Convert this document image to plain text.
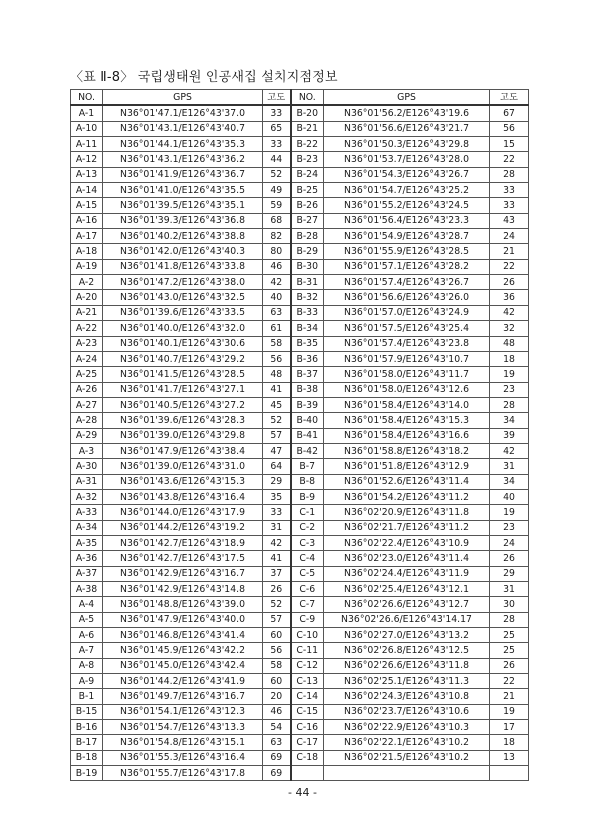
〈표 Ⅱ-8〉 국립생태원 인공새집 설치지점정보
NO.	GPS	고도	NO.	GPS	고도
A-1	N36°01'47.1/E126°43'37.0	33	B-20	N36°01'56.2/E126°43'19.6	67
A-10	N36°01'43.1/E126°43'40.7	65	B-21	N36°01'56.6/E126°43'21.7	56
A-11	N36°01'44.1/E126°43'35.3	33	B-22	N36°01'50.3/E126°43'29.8	15
A-12	N36°01'43.1/E126°43'36.2	44	B-23	N36°01'53.7/E126°43'28.0	22
A-13	N36°01'41.9/E126°43'36.7	52	B-24	N36°01'54.3/E126°43'26.7	28
A-14	N36°01'41.0/E126°43'35.5	49	B-25	N36°01'54.7/E126°43'25.2	33
A-15	N36°01'39.5/E126°43'35.1	59	B-26	N36°01'55.2/E126°43'24.5	33
A-16	N36°01'39.3/E126°43'36.8	68	B-27	N36°01'56.4/E126°43'23.3	43
A-17	N36°01'40.2/E126°43'38.8	82	B-28	N36°01'54.9/E126°43'28.7	24
A-18	N36°01'42.0/E126°43'40.3	80	B-29	N36°01'55.9/E126°43'28.5	21
A-19	N36°01'41.8/E126°43'33.8	46	B-30	N36°01'57.1/E126°43'28.2	22
A-2	N36°01'47.2/E126°43'38.0	42	B-31	N36°01'57.4/E126°43'26.7	26
A-20	N36°01'43.0/E126°43'32.5	40	B-32	N36°01'56.6/E126°43'26.0	36
A-21	N36°01'39.6/E126°43'33.5	63	B-33	N36°01'57.0/E126°43'24.9	42
A-22	N36°01'40.0/E126°43'32.0	61	B-34	N36°01'57.5/E126°43'25.4	32
A-23	N36°01'40.1/E126°43'30.6	58	B-35	N36°01'57.4/E126°43'23.8	48
A-24	N36°01'40.7/E126°43'29.2	56	B-36	N36°01'57.9/E126°43'10.7	18
A-25	N36°01'41.5/E126°43'28.5	48	B-37	N36°01'58.0/E126°43'11.7	19
A-26	N36°01'41.7/E126°43'27.1	41	B-38	N36°01'58.0/E126°43'12.6	23
A-27	N36°01'40.5/E126°43'27.2	45	B-39	N36°01'58.4/E126°43'14.0	28
A-28	N36°01'39.6/E126°43'28.3	52	B-40	N36°01'58.4/E126°43'15.3	34
A-29	N36°01'39.0/E126°43'29.8	57	B-41	N36°01'58.4/E126°43'16.6	39
A-3	N36°01'47.9/E126°43'38.4	47	B-42	N36°01'58.8/E126°43'18.2	42
A-30	N36°01'39.0/E126°43'31.0	64	B-7	N36°01'51.8/E126°43'12.9	31
A-31	N36°01'43.6/E126°43'15.3	29	B-8	N36°01'52.6/E126°43'11.4	34
A-32	N36°01'43.8/E126°43'16.4	35	B-9	N36°01'54.2/E126°43'11.2	40
A-33	N36°01'44.0/E126°43'17.9	33	C-1	N36°02'20.9/E126°43'11.8	19
A-34	N36°01'44.2/E126°43'19.2	31	C-2	N36°02'21.7/E126°43'11.2	23
A-35	N36°01'42.7/E126°43'18.9	42	C-3	N36°02'22.4/E126°43'10.9	24
A-36	N36°01'42.7/E126°43'17.5	41	C-4	N36°02'23.0/E126°43'11.4	26
A-37	N36°01'42.9/E126°43'16.7	37	C-5	N36°02'24.4/E126°43'11.9	29
A-38	N36°01'42.9/E126°43'14.8	26	C-6	N36°02'25.4/E126°43'12.1	31
A-4	N36°01'48.8/E126°43'39.0	52	C-7	N36°02'26.6/E126°43'12.7	30
A-5	N36°01'47.9/E126°43'40.0	57	C-9	N36°02'26.6/E126°43'14.17	28
A-6	N36°01'46.8/E126°43'41.4	60	C-10	N36°02'27.0/E126°43'13.2	25
A-7	N36°01'45.9/E126°43'42.2	56	C-11	N36°02'26.8/E126°43'12.5	25
A-8	N36°01'45.0/E126°43'42.4	58	C-12	N36°02'26.6/E126°43'11.8	26
A-9	N36°01'44.2/E126°43'41.9	60	C-13	N36°02'25.1/E126°43'11.3	22
B-1	N36°01'49.7/E126°43'16.7	20	C-14	N36°02'24.3/E126°43'10.8	21
B-15	N36°01'54.1/E126°43'12.3	46	C-15	N36°02'23.7/E126°43'10.6	19
B-16	N36°01'54.7/E126°43'13.3	54	C-16	N36°02'22.9/E126°43'10.3	17
B-17	N36°01'54.8/E126°43'15.1	63	C-17	N36°02'22.1/E126°43'10.2	18
B-18	N36°01'55.3/E126°43'16.4	69	C-18	N36°02'21.5/E126°43'10.2	13
B-19	N36°01'55.7/E126°43'17.8	69			
- 44 -
